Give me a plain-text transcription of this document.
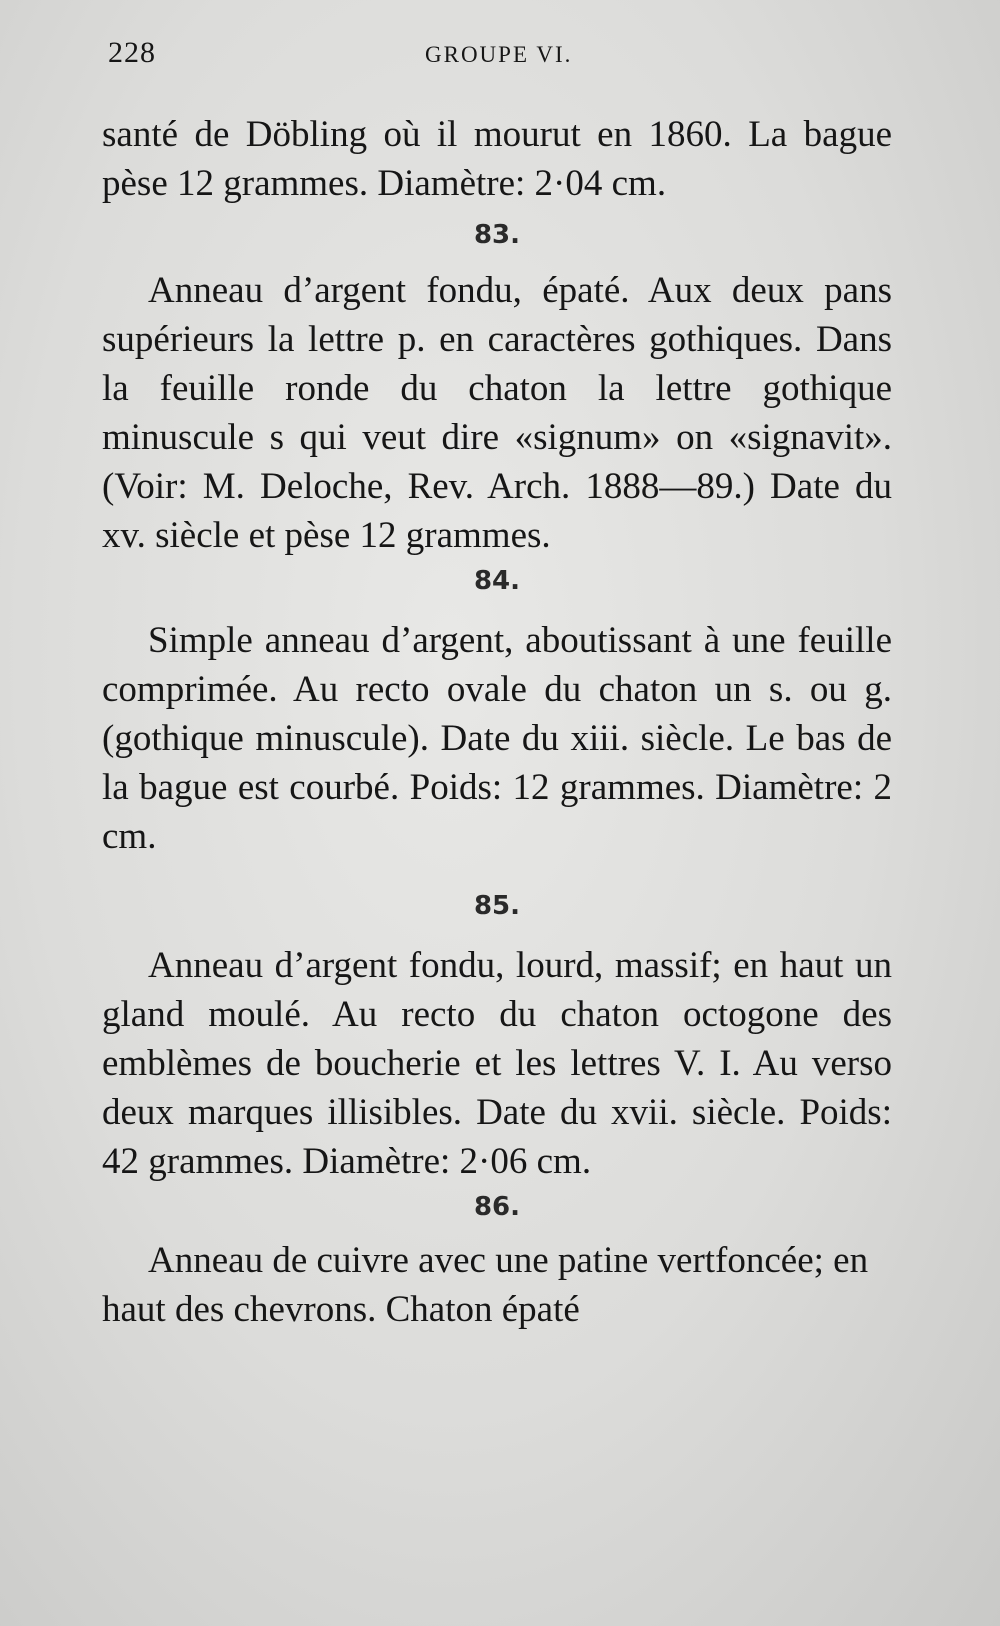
228	GROUPE VI.

santé de Döbling où il mourut en 1860. La bague pèse 12 grammes. Diamètre: 2·04 cm.

83.

Anneau d’argent fondu, épaté. Aux deux pans supérieurs la lettre p. en caractères gothiques. Dans la feuille ronde du chaton la lettre gothique minuscule s qui veut dire «signum» on «signavit». (Voir: M. Deloche, Rev. Arch. 1888—89.) Date du xv. siècle et pèse 12 grammes.

84.

Simple anneau d’argent, aboutissant à une feuille comprimée. Au recto ovale du chaton un s. ou g. (gothique minuscule). Date du xiii. siècle. Le bas de la bague est courbé. Poids: 12 grammes. Diamètre: 2 cm.

85.

Anneau d’argent fondu, lourd, massif; en haut un gland moulé. Au recto du chaton octogone des emblèmes de boucherie et les lettres V. I. Au verso deux marques illisibles. Date du xvii. siècle. Poids: 42 grammes. Diamètre: 2·06 cm.

86.

Anneau de cuivre avec une patine vertfoncée; en haut des chevrons. Chaton épaté
